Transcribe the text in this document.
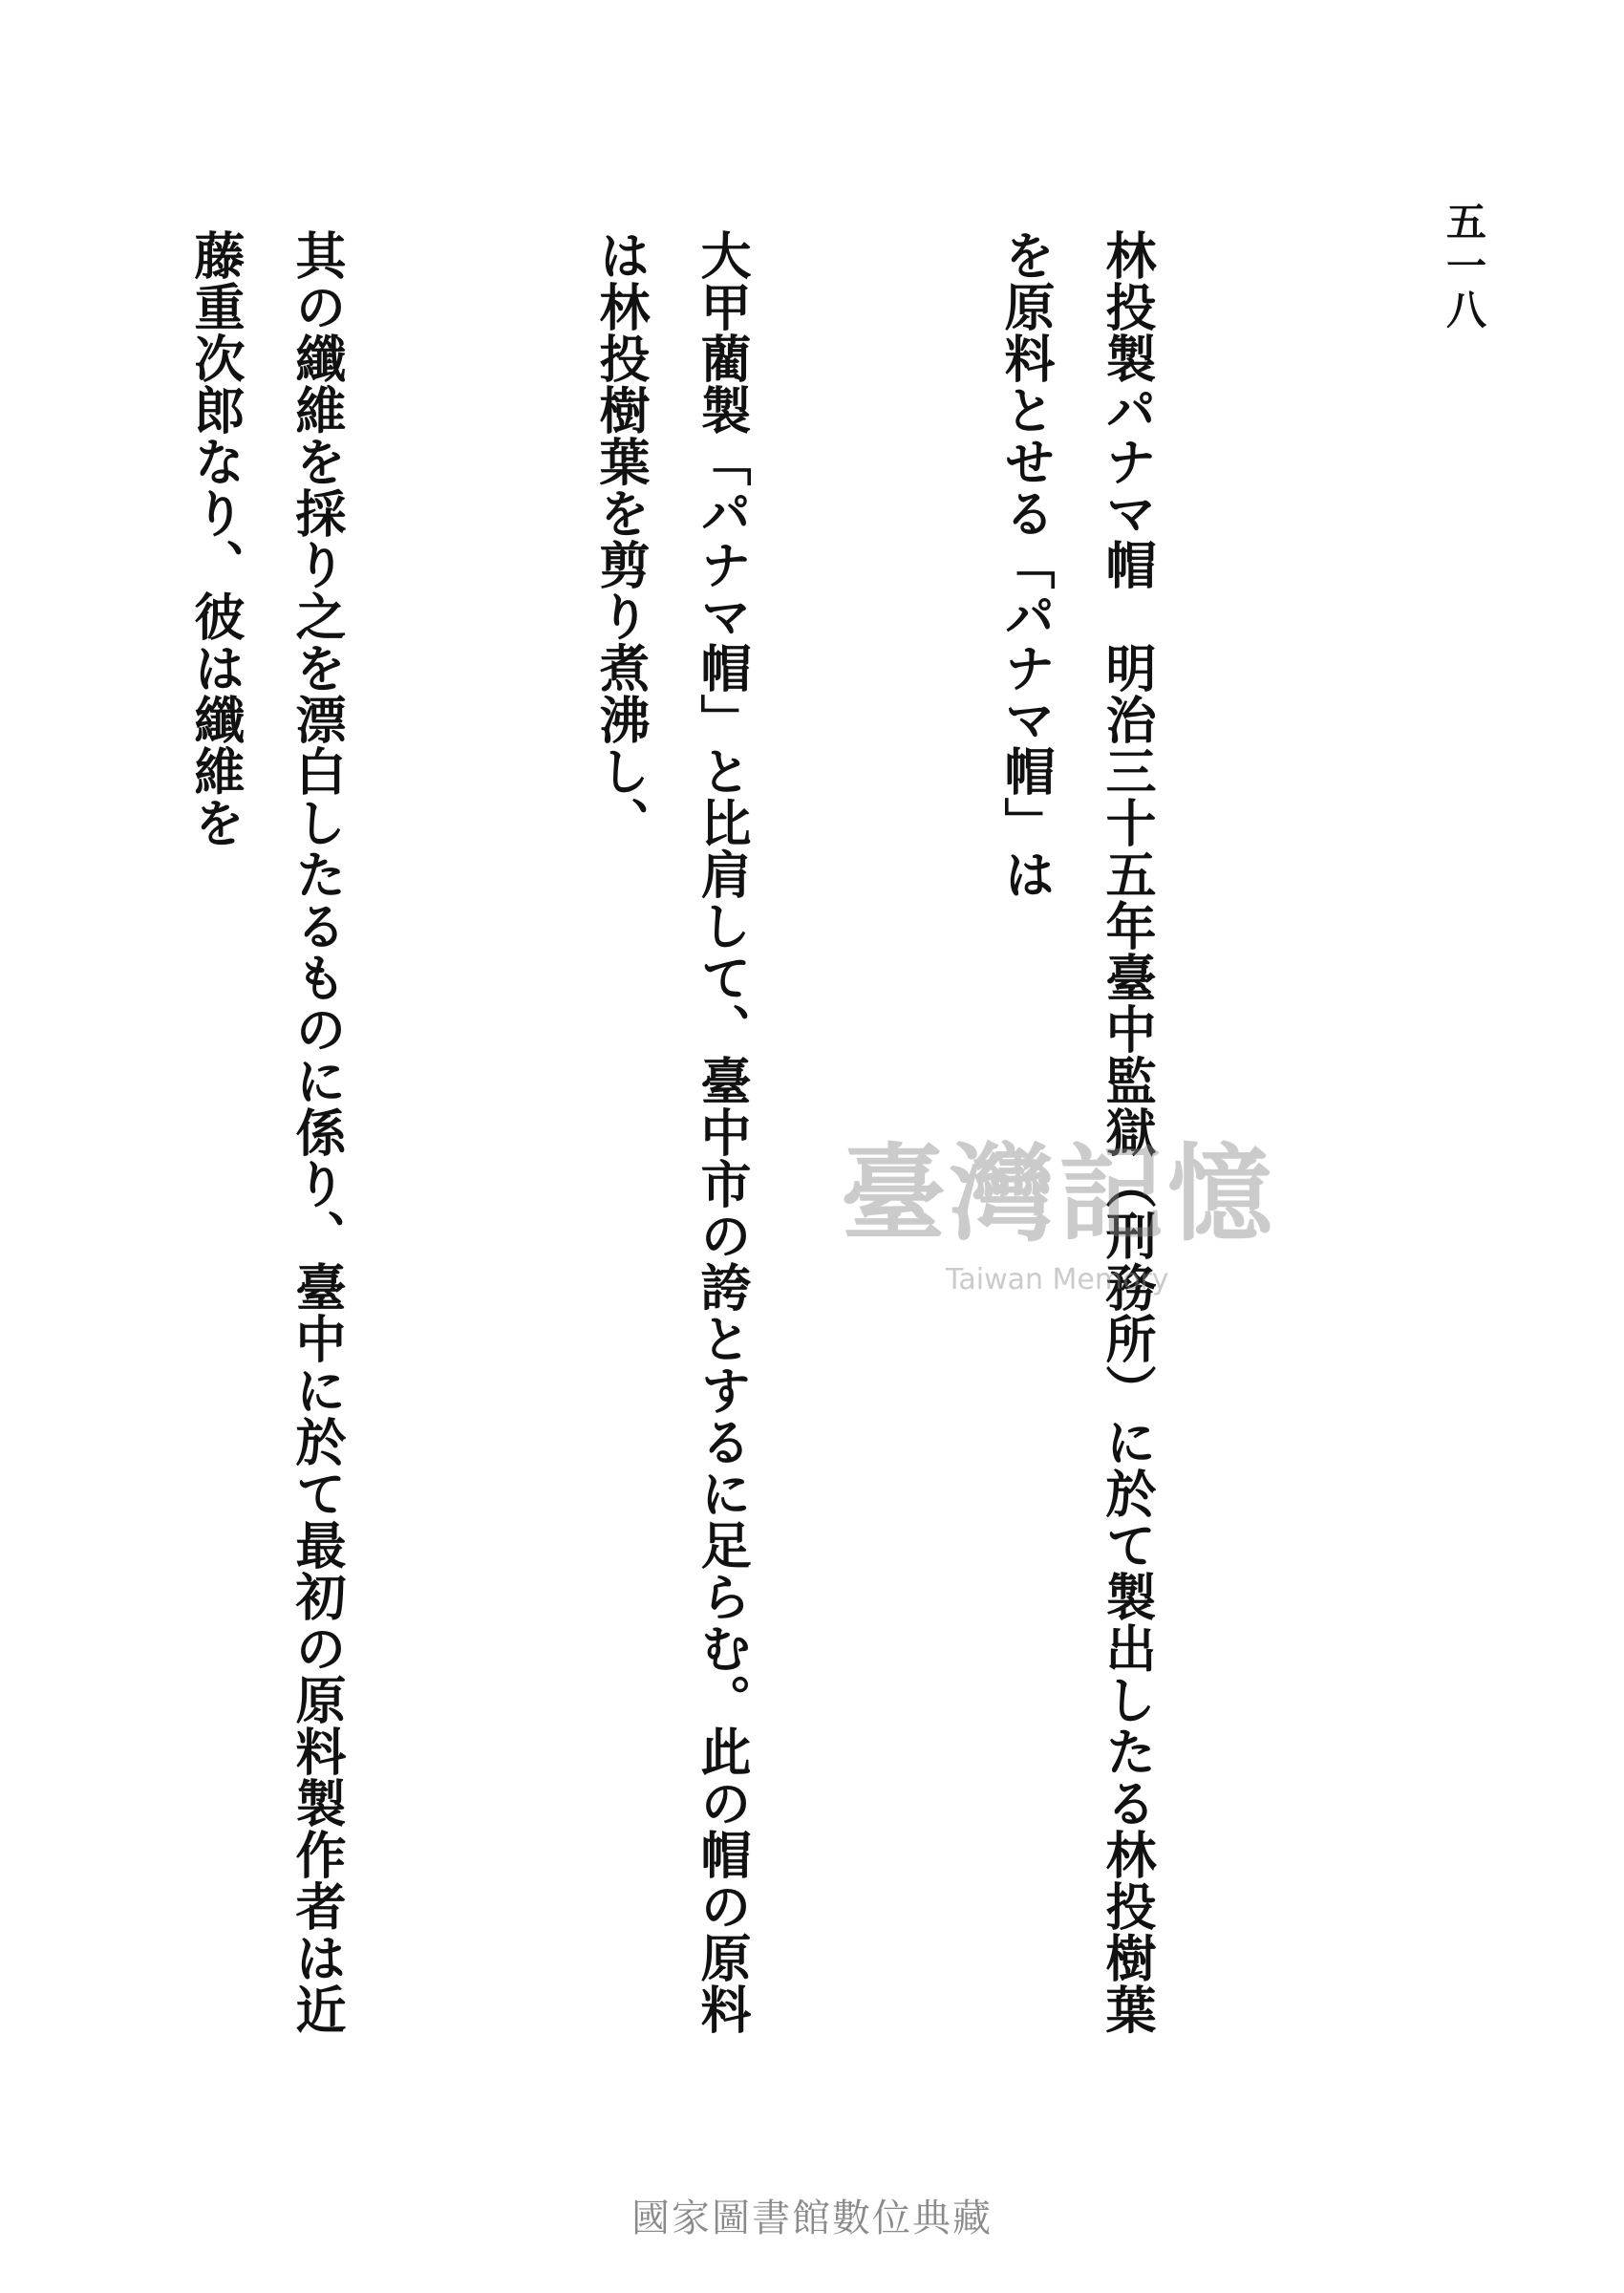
五一八

林投製パナマ帽　明治三十五年臺中監獄（刑務所）に於て製出したる林投樹葉を原料とせる「パナマ帽」は

大甲藺製「パナマ帽」と比肩して、臺中市の誇とするに足らむ。此の帽の原料は林投樹葉を剪り煮沸し、

其の纖維を採り之を漂白したるものに係り、臺中に於て最初の原料製作者は近藤重次郎なり、彼は纖維を

臺灣記憶
Taiwan Memory
國家圖書館數位典藏
